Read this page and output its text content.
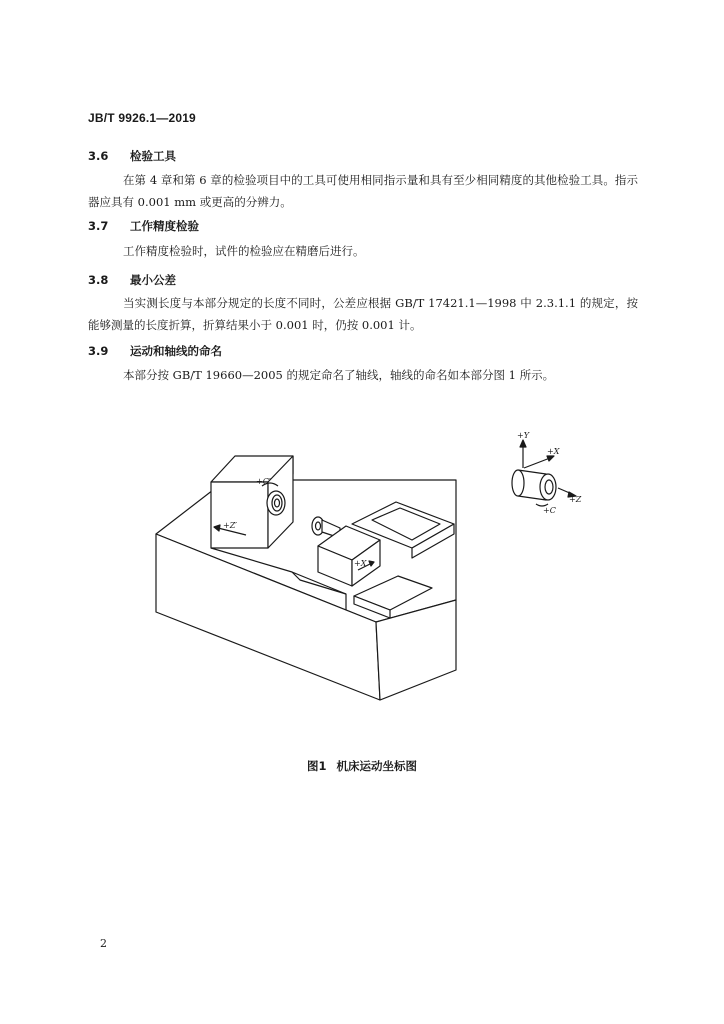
JB/T 9926.1—2019
3.6 检验工具

在第 4 章和第 6 章的检验项目中的工具可使用相同指示量和具有至少相同精度的其他检验工具。指示器应具有 0.001 mm 或更高的分辨力。

3.7 工作精度检验

工作精度检验时，试件的检验应在精磨后进行。

3.8 最小公差

当实测长度与本部分规定的长度不同时，公差应根据 GB/T 17421.1—1998 中 2.3.1.1 的规定，按能够测量的长度折算，折算结果小于 0.001 时，仍按 0.001 计。

3.9 运动和轴线的命名

本部分按 GB/T 19660—2005 的规定命名了轴线，轴线的命名如本部分图 1 所示。

+C′
+Z′
+X
+Y
+X
+Z
+C
图1 机床运动坐标图
2
